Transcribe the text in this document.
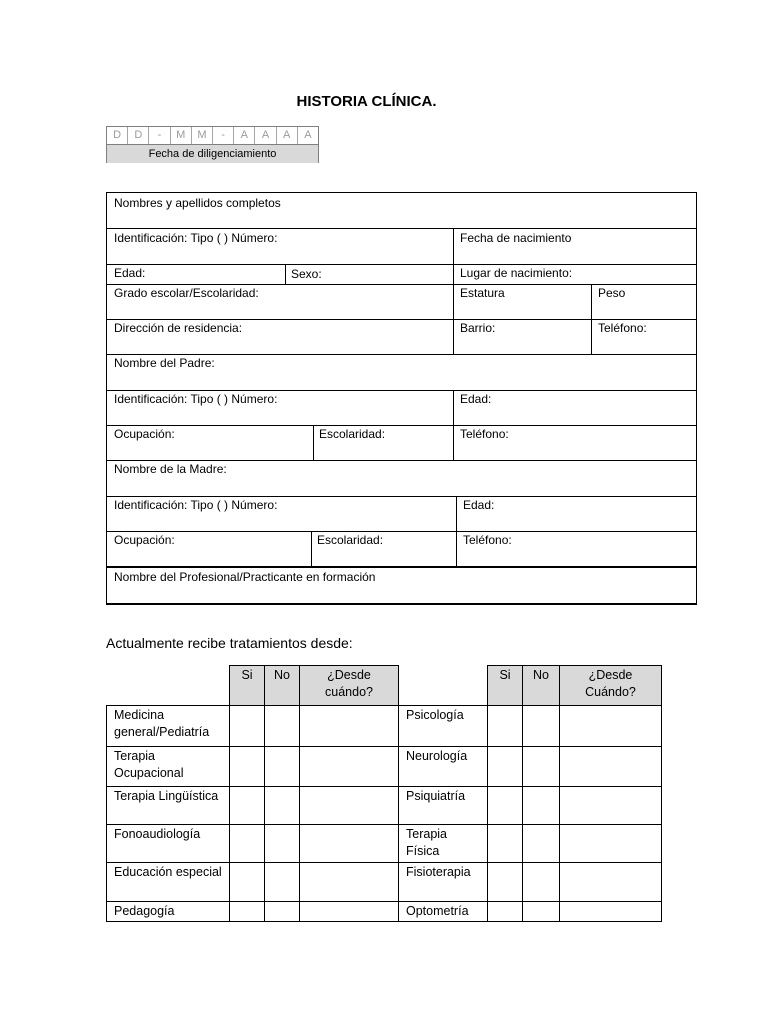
HISTORIA CLÍNICA.
D	D	-	M	M	-	A	A	A	A
Fecha de diligenciamiento
Nombres y apellidos completos
Identificación: Tipo ( ) Número:	Fecha de nacimiento
Edad:	Sexo:	Lugar de nacimiento:
Grado escolar/Escolaridad:	Estatura	Peso
Dirección de residencia:	Barrio:	Teléfono:
Nombre del Padre:
Identificación: Tipo ( ) Número:	Edad:
Ocupación:	Escolaridad:	Teléfono:
Nombre de la Madre:
Identificación: Tipo ( ) Número:	Edad:
Ocupación:	Escolaridad:	Teléfono:
Nombre del Profesional/Practicante en formación
Actualmente recibe tratamientos desde:
	Si	No	¿Desde cuándo?		Si	No	¿Desde Cuándo?
Medicina general/Pediatría				Psicología			
Terapia Ocupacional				Neurología			
Terapia Lingüística				Psiquiatría			
Fonoaudiología				Terapia Física			
Educación especial				Fisioterapia			
Pedagogía				Optometría			
